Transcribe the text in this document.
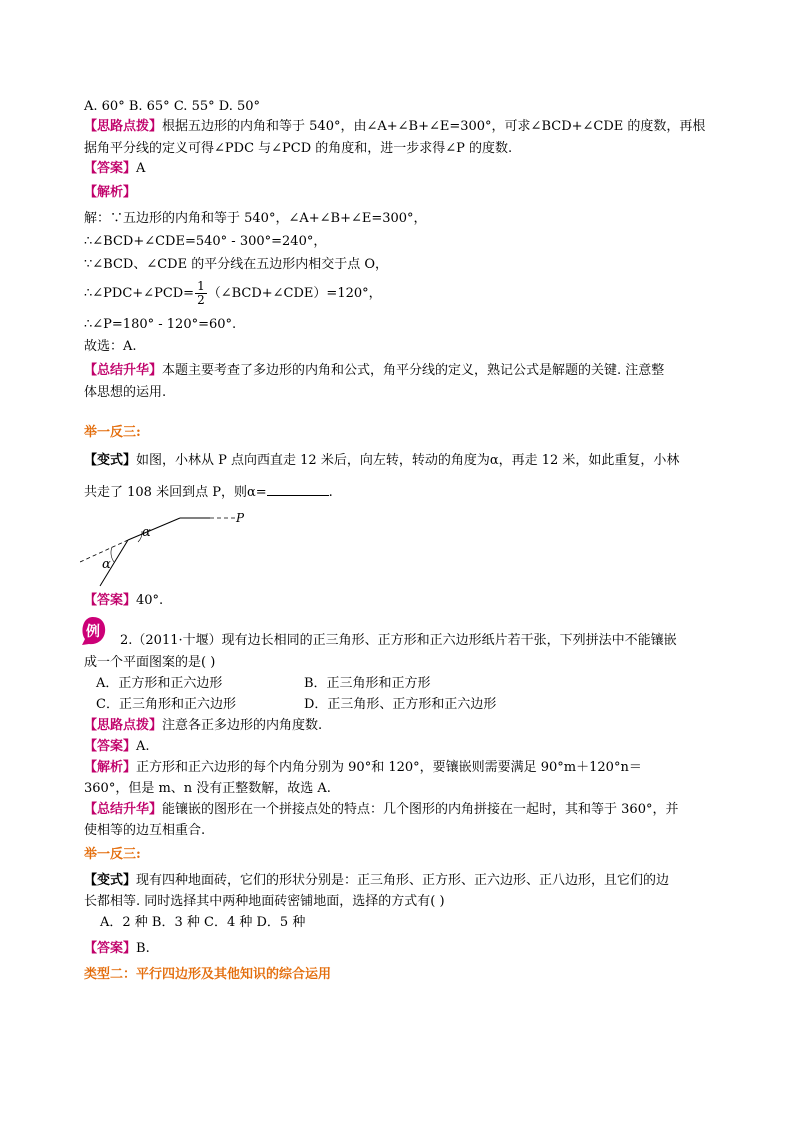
A. 60° B. 65° C. 55° D. 50°
【思路点拨】根据五边形的内角和等于 540°，由∠A+∠B+∠E=300°，可求∠BCD+∠CDE 的度数，再根
据角平分线的定义可得∠PDC 与∠PCD 的角度和，进一步求得∠P 的度数.
【答案】A
【解析】
解：∵五边形的内角和等于 540°，∠A+∠B+∠E=300°，
∴∠BCD+∠CDE=540° - 300°=240°，
∵∠BCD、∠CDE 的平分线在五边形内相交于点 O，
∴∠PDC+∠PCD= $\frac{1}{2}$ （∠BCD+∠CDE）=120°，
∴∠P=180° - 120°=60°.
故选：A.
【总结升华】本题主要考查了多边形的内角和公式，角平分线的定义，熟记公式是解题的关键. 注意整
体思想的运用.
举一反三:
【变式】如图，小林从 P 点向西直走 12 米后，向左转，转动的角度为α，再走 12 米，如此重复，小林
共走了 108 米回到点 P，则α=	.
α
α
P
【答案】40°.
例
2.（2011·十堰）现有边长相同的正三角形、正方形和正六边形纸片若干张，下列拼法中不能镶嵌
成一个平面图案的是( )
A．正方形和正六边形	B．正三角形和正方形
C．正三角形和正六边形	D．正三角形、正方形和正六边形
【思路点拨】注意各正多边形的内角度数.
【答案】A.
【解析】正方形和正六边形的每个内角分别为 90°和 120°，要镶嵌则需要满足 90°m＋120°n＝
360°，但是 m、n 没有正整数解，故选 A.
【总结升华】能镶嵌的图形在一个拼接点处的特点：几个图形的内角拼接在一起时，其和等于 360°，并
使相等的边互相重合.
举一反三:
【变式】现有四种地面砖，它们的形状分别是：正三角形、正方形、正六边形、正八边形，且它们的边
长都相等. 同时选择其中两种地面砖密铺地面，选择的方式有( )
A．2 种 B．3 种 C．4 种 D．5 种
【答案】B.
类型二：平行四边形及其他知识的综合运用
